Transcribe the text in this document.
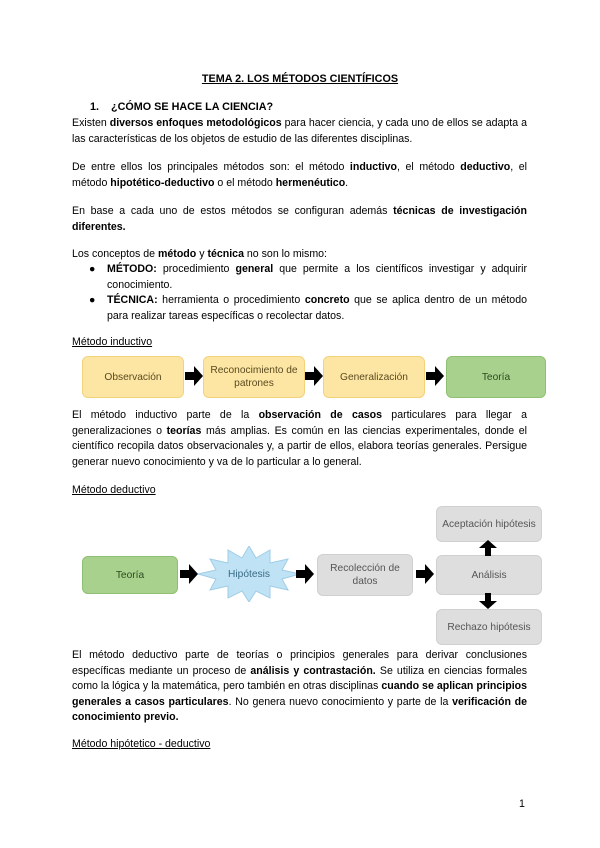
TEMA 2. LOS MÉTODOS CIENTÍFICOS
1. ¿CÓMO SE HACE LA CIENCIA?
Existen diversos enfoques metodológicos para hacer ciencia, y cada uno de ellos se adapta a las características de los objetos de estudio de las diferentes disciplinas.
De entre ellos los principales métodos son: el método inductivo, el método deductivo, el método hipotético-deductivo o el método hermenéutico.
En base a cada uno de estos métodos se configuran además técnicas de investigación diferentes.
Los conceptos de método y técnica no son lo mismo:
● MÉTODO: procedimiento general que permite a los científicos investigar y adquirir conocimiento.
● TÉCNICA: herramienta o procedimiento concreto que se aplica dentro de un método para realizar tareas específicas o recolectar datos.
Método inductivo
Observación
Reconocimiento de patrones
Generalización	Teoría
El método inductivo parte de la observación de casos particulares para llegar a generalizaciones o teorías más amplias. Es común en las ciencias experimentales, donde el científico recopila datos observacionales y, a partir de ellos, elabora teorías generales. Persigue generar nuevo conocimiento y va de lo particular a lo general.
Método deductivo
Teoría	Hipótesis	Recolección de datos
Análisis
Aceptación hipótesis
Rechazo hipótesis
El método deductivo parte de teorías o principios generales para derivar conclusiones específicas mediante un proceso de análisis y contrastación. Se utiliza en ciencias formales como la lógica y la matemática, pero también en otras disciplinas cuando se aplican principios generales a casos particulares. No genera nuevo conocimiento y parte de la verificación de conocimiento previo.
Método hipótetico - deductivo
1
